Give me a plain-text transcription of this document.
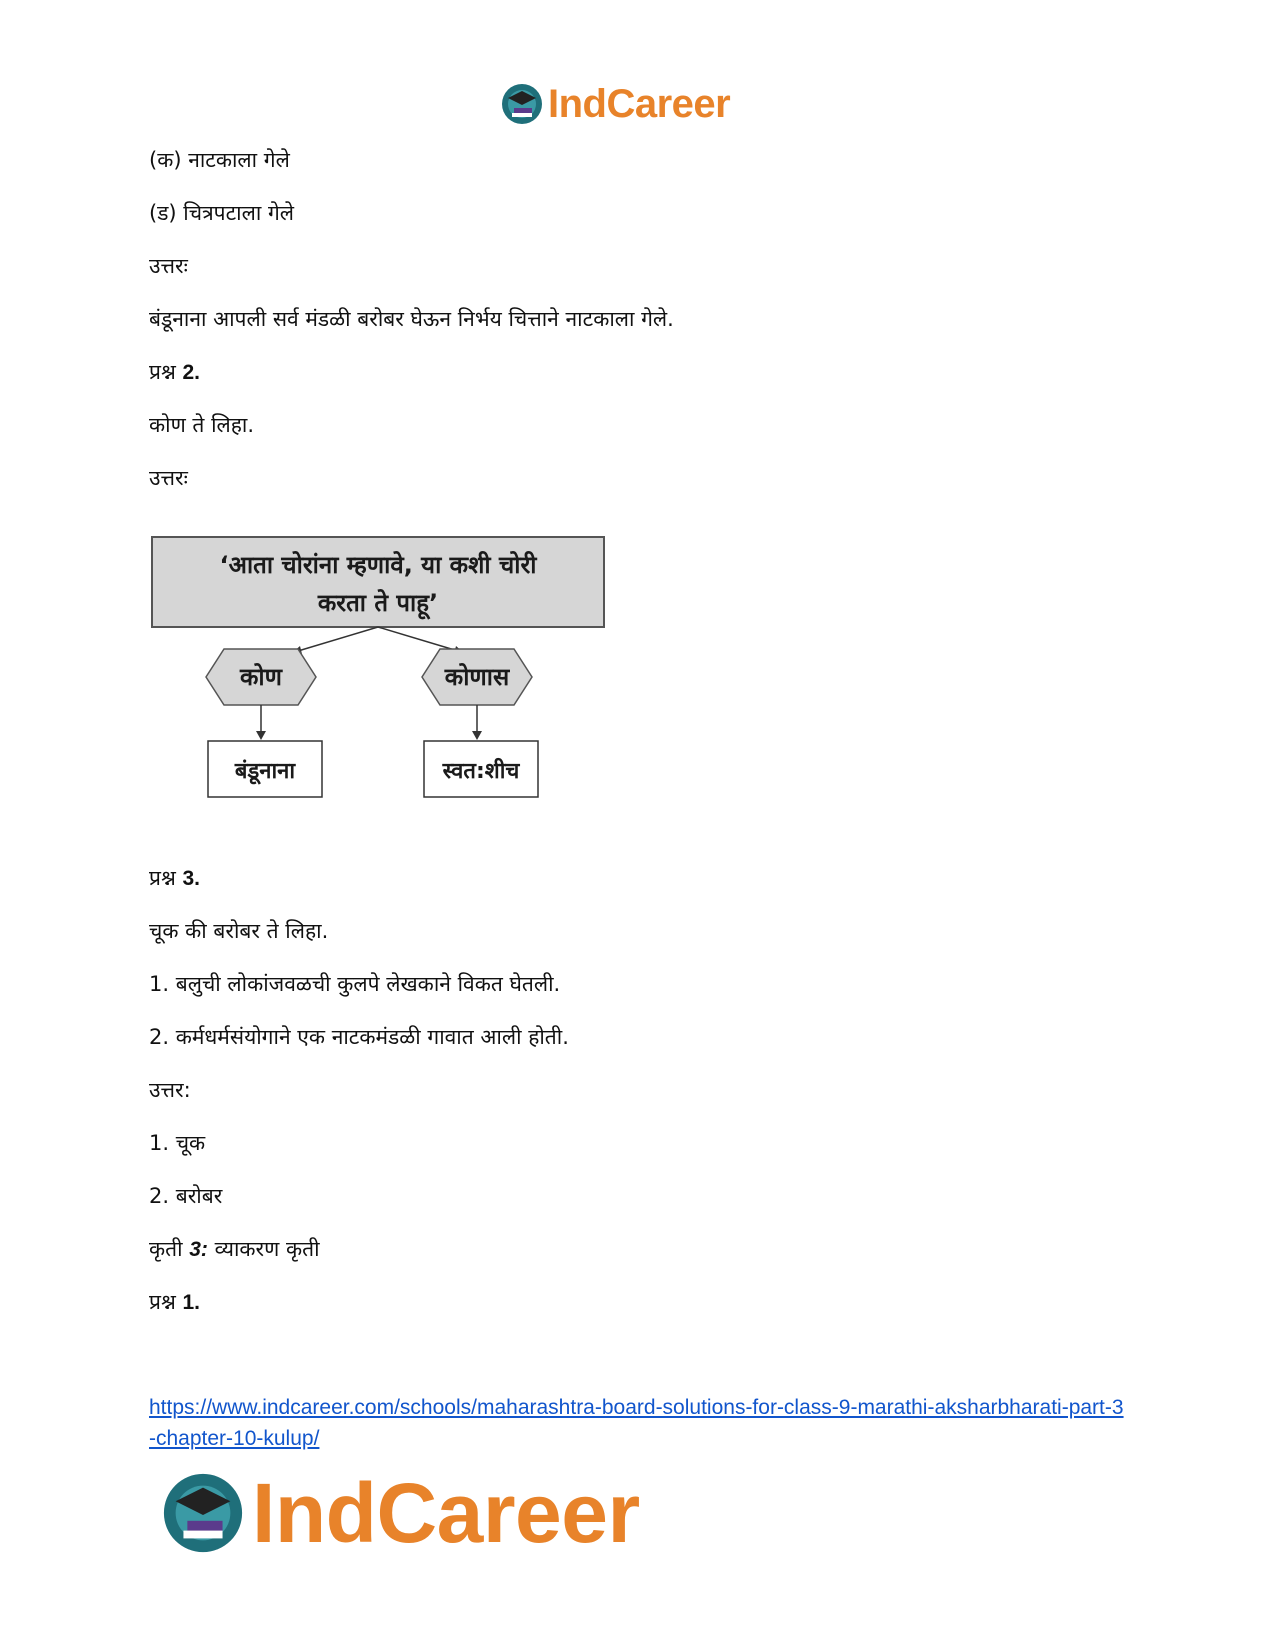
IndCareer
(क) नाटकाला गेले
(ड) चित्रपटाला गेले
उत्तरः
बंडूनाना आपली सर्व मंडळी बरोबर घेऊन निर्भय चित्ताने नाटकाला गेले.
प्रश्न 2.
कोण ते लिहा.
उत्तरः
‘आता चोरांना म्हणावे, या कशी चोरी
करता ते पाहू’
कोण	कोणास
बंडूनाना	स्वत:शीच
प्रश्न 3.
चूक की बरोबर ते लिहा.
1. बलुची लोकांजवळची कुलपे लेखकाने विकत घेतली.
2. कर्मधर्मसंयोगाने एक नाटकमंडळी गावात आली होती.
उत्तर:
1. चूक
2. बरोबर
कृती 3: व्याकरण कृती
प्रश्न 1.
https://www.indcareer.com/schools/maharashtra-board-solutions-for-class-9-marathi-aksharbharati-part-3-chapter-10-kulup/
IndCareer
